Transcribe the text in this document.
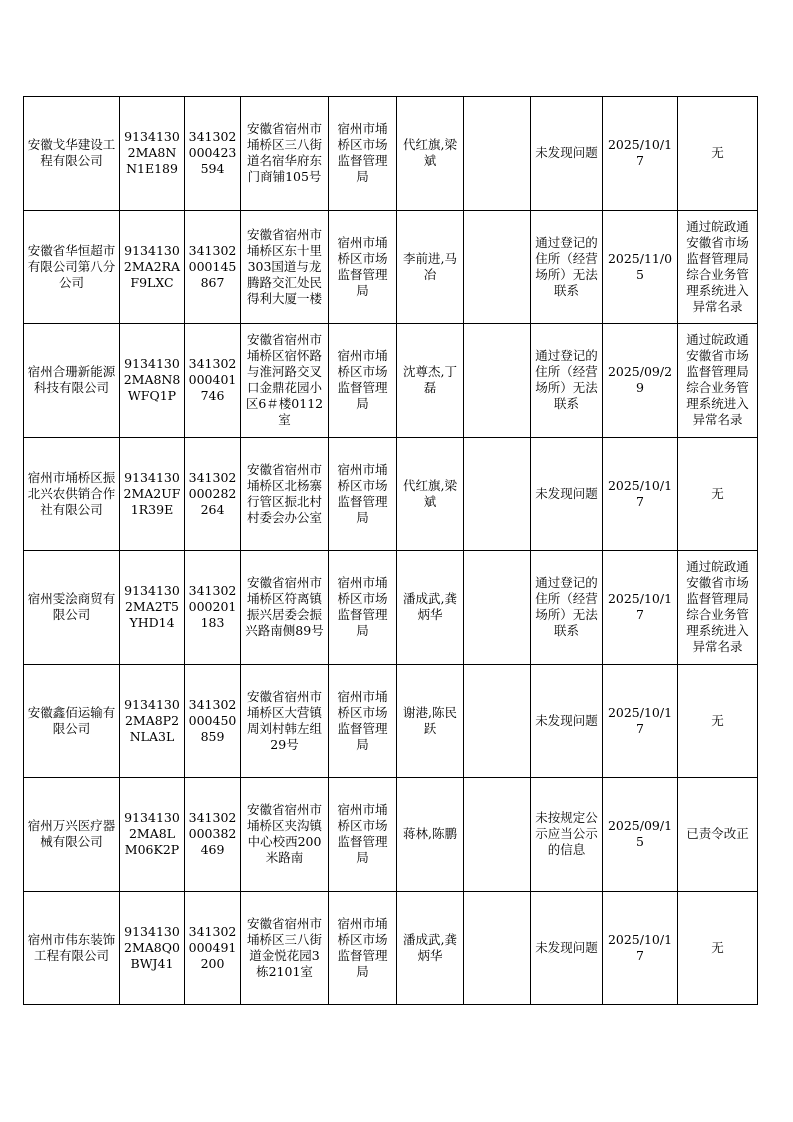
安徽戈华建设工程有限公司	91341302MA8NN1E189	341302000423594	安徽省宿州市埇桥区三八街道名宿华府东门商铺105号	宿州市埇桥区市场监督管理局	代红旗,梁斌		未发现问题	2025/10/17	无
安徽省华恒超市有限公司第八分公司	91341302MA2RAF9LXC	341302000145867	安徽省宿州市埇桥区东十里303国道与龙腾路交汇处民得利大厦一楼	宿州市埇桥区市场监督管理局	李前进,马冶		通过登记的住所（经营场所）无法联系	2025/11/05	通过皖政通安徽省市场监督管理局综合业务管理系统进入异常名录
宿州合珊新能源科技有限公司	91341302MA8N8WFQ1P	341302000401746	安徽省宿州市埇桥区宿怀路与淮河路交叉口金鼎花园小区6＃楼0112室	宿州市埇桥区市场监督管理局	沈尊杰,丁磊		通过登记的住所（经营场所）无法联系	2025/09/29	通过皖政通安徽省市场监督管理局综合业务管理系统进入异常名录
宿州市埇桥区振北兴农供销合作社有限公司	91341302MA2UF1R39E	341302000282264	安徽省宿州市埇桥区北杨寨行管区振北村村委会办公室	宿州市埇桥区市场监督管理局	代红旗,梁斌		未发现问题	2025/10/17	无
宿州雯浍商贸有限公司	91341302MA2T5YHD14	341302000201183	安徽省宿州市埇桥区符离镇振兴居委会振兴路南侧89号	宿州市埇桥区市场监督管理局	潘成武,龚炳华		通过登记的住所（经营场所）无法联系	2025/10/17	通过皖政通安徽省市场监督管理局综合业务管理系统进入异常名录
安徽鑫佰运输有限公司	91341302MA8P2NLA3L	341302000450859	安徽省宿州市埇桥区大营镇周刘村韩左组29号	宿州市埇桥区市场监督管理局	谢港,陈民跃		未发现问题	2025/10/17	无
宿州万兴医疗器械有限公司	91341302MA8LM06K2P	341302000382469	安徽省宿州市埇桥区夹沟镇中心校西200米路南	宿州市埇桥区市场监督管理局	蒋林,陈鹏		未按规定公示应当公示的信息	2025/09/15	已责令改正
宿州市伟东装饰工程有限公司	91341302MA8Q0BWJ41	341302000491200	安徽省宿州市埇桥区三八街道金悦花园3栋2101室	宿州市埇桥区市场监督管理局	潘成武,龚炳华		未发现问题	2025/10/17	无
